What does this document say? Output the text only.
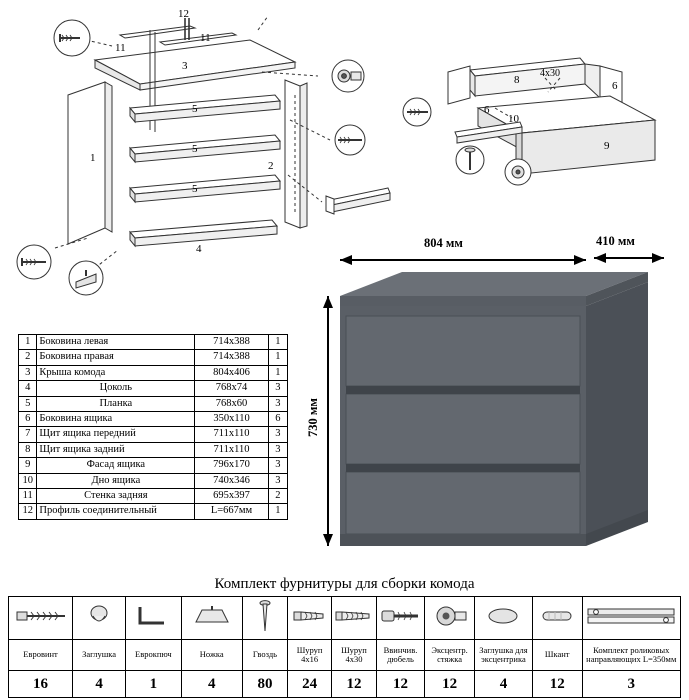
12
11
11
3
5
5
5
1
2
4
8
6
6
4х30
10
9
1	Боковина левая	714х388	1
2	Боковина правая	714х388	1
3	Крыша комода	804х406	1
4	Цоколь	768х74	3
5	Планка	768х60	3
6	Боковина ящика	350х110	6
7	Щит ящика передний	711х110	3
8	Щит ящика задний	711х110	3
9	Фасад ящика	796х170	3
10	Дно ящика	740х346	3
11	Стенка задняя	695х397	2
12	Профиль соединительный	L=667мм	1
804 мм	410 мм
730 мм
Комплект фурнитуры для сборки комода

Евровинт	Заглушка	Еврокпюч	Ножка	Гвоздь	Шуруп 4х16	Шуруп 4х30	Ввинчив. дюбель	Эксцентр. стяжка	Заглушка для эксцентрика	Шкант	Комплект роликовых направляющих L=350мм
16	4	1	4	80	24	12	12	12	4	12	3
